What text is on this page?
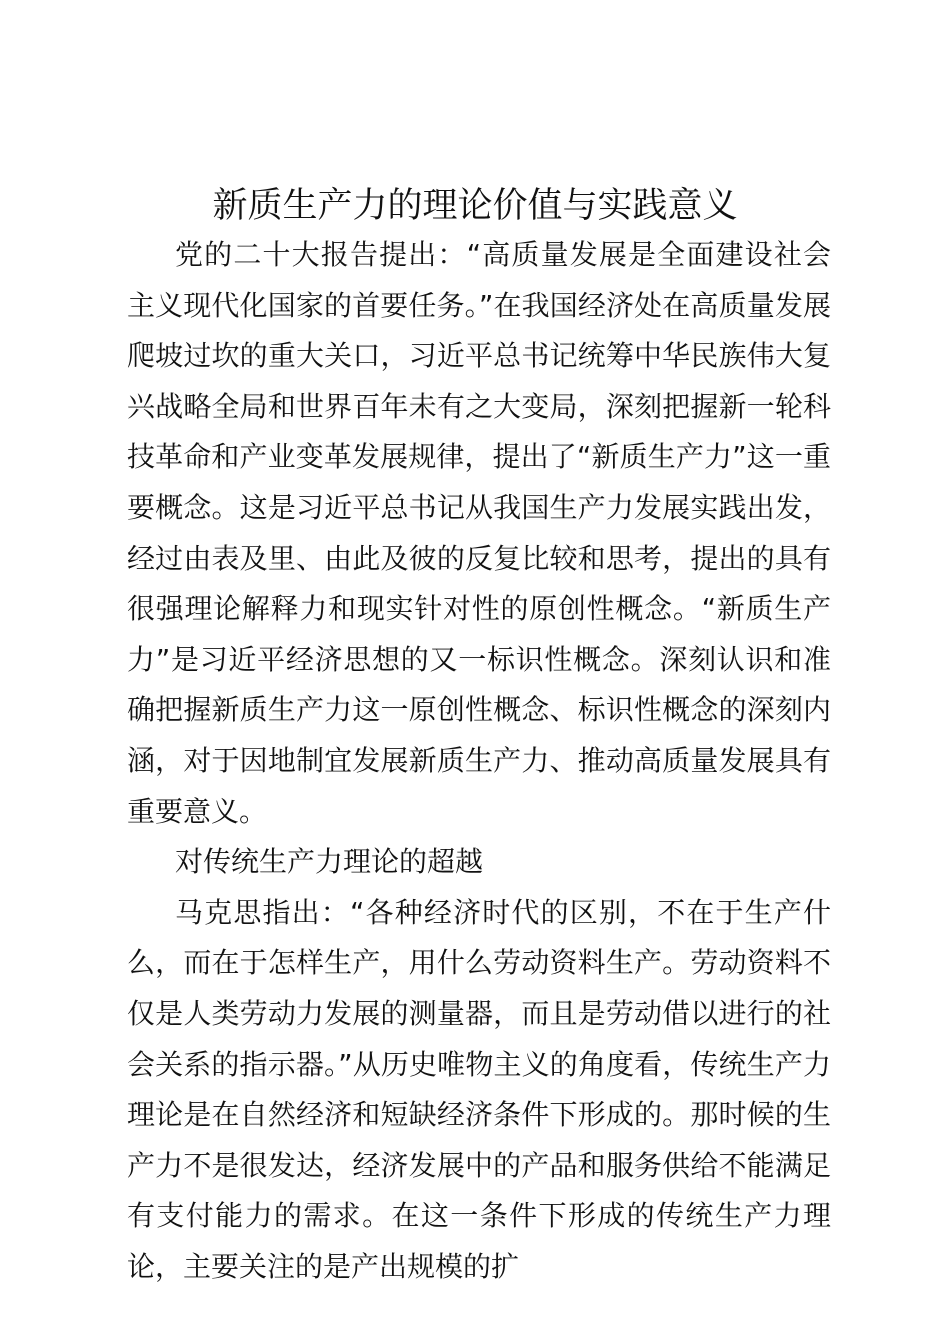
新质生产力的理论价值与实践意义

党的二十大报告提出：“高质量发展是全面建设社会主义现代化国家的首要任务。”在我国经济处在高质量发展爬坡过坎的重大关口，习近平总书记统筹中华民族伟大复兴战略全局和世界百年未有之大变局，深刻把握新一轮科技革命和产业变革发展规律，提出了“新质生产力”这一重要概念。这是习近平总书记从我国生产力发展实践出发，经过由表及里、由此及彼的反复比较和思考，提出的具有很强理论解释力和现实针对性的原创性概念。“新质生产力”是习近平经济思想的又一标识性概念。深刻认识和准确把握新质生产力这一原创性概念、标识性概念的深刻内涵，对于因地制宜发展新质生产力、推动高质量发展具有重要意义。

对传统生产力理论的超越

马克思指出：“各种经济时代的区别，不在于生产什么，而在于怎样生产，用什么劳动资料生产。劳动资料不仅是人类劳动力发展的测量器，而且是劳动借以进行的社会关系的指示器。”从历史唯物主义的角度看，传统生产力理论是在自然经济和短缺经济条件下形成的。那时候的生产力不是很发达，经济发展中的产品和服务供给不能满足有支付能力的需求。在这一条件下形成的传统生产力理论，主要关注的是产出规模的扩
